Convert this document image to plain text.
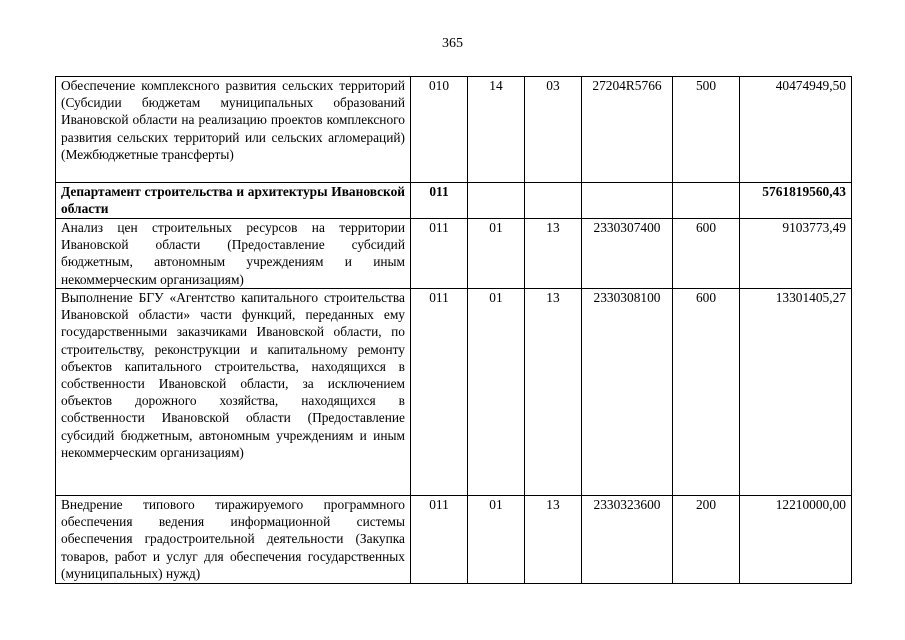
365
Обеспечение комплексного развития сельских территорий (Субсидии бюджетам муниципальных образований Ивановской области на реализацию проектов комплексного развития сельских территорий или сельских агломераций) (Межбюджетные трансферты)	010	14	03	27204R5766	500	40474949,50
Департамент строительства и архитектуры Ивановской области	011					5761819560,43
Анализ цен строительных ресурсов на территории Ивановской области (Предоставление субсидий бюджетным, автономным учреждениям и иным некоммерческим организациям)	011	01	13	2330307400	600	9103773,49
Выполнение БГУ «Агентство капитального строительства Ивановской области» части функций, переданных ему государственными заказчиками Ивановской области, по строительству, реконструкции и капитальному ремонту объектов капитального строительства, находящихся в собственности Ивановской области, за исключением объектов дорожного хозяйства, находящихся в собственности Ивановской области (Предоставление субсидий бюджетным, автономным учреждениям и иным некоммерческим организациям)	011	01	13	2330308100	600	13301405,27
Внедрение типового тиражируемого программного обеспечения ведения информационной системы обеспечения градостроительной деятельности (Закупка товаров, работ и услуг для обеспечения государственных (муниципальных) нужд)	011	01	13	2330323600	200	12210000,00
